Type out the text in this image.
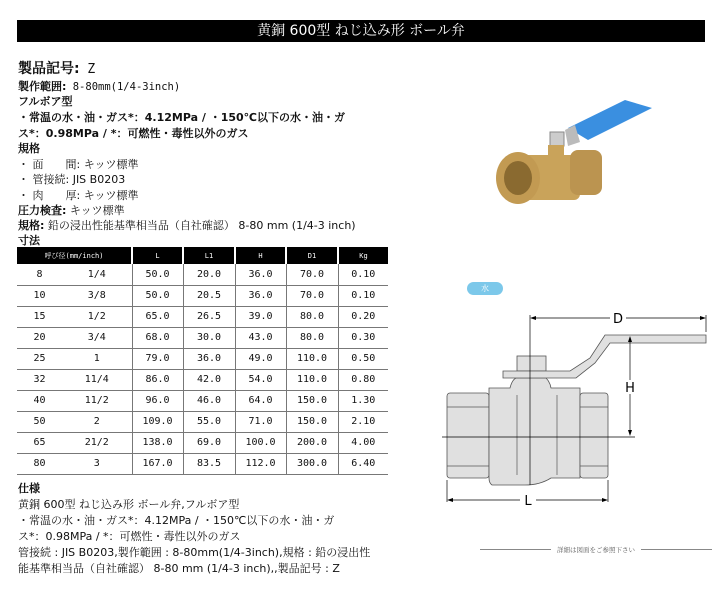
黄銅 600型 ねじ込み形 ボール弁
製品記号: Z
製作範囲: 8-80mm(1/4-3inch)
フルボア型
・常温の水・油・ガス*：4.12MPa / ・150℃以下の水・油・ガ
ス*：0.98MPa / *：可燃性・毒性以外のガス
規格
・ 面　　間: キッツ標準
・ 管接続: JIS B0203
・ 肉　　厚: キッツ標準
圧力検査: キッツ標準
規格: 鉛の浸出性能基準相当品（自社確認） 8-80 mm (1/4-3 inch)
寸法
呼び径(mm/inch)		L	L1	H	D1	Kg
8	1/4	50.0	20.0	36.0	70.0	0.10
10	3/8	50.0	20.5	36.0	70.0	0.10
15	1/2	65.0	26.5	39.0	80.0	0.20
20	3/4	68.0	30.0	43.0	80.0	0.30
25	1	79.0	36.0	49.0	110.0	0.50
32	11/4	86.0	42.0	54.0	110.0	0.80
40	11/2	96.0	46.0	64.0	150.0	1.30
50	2	109.0	55.0	71.0	150.0	2.10
65	21/2	138.0	69.0	100.0	200.0	4.00
80	3	167.0	83.5	112.0	300.0	6.40
仕様
黄銅 600型 ねじ込み形 ボール弁,フルボア型
・常温の水・油・ガス*：4.12MPa / ・150℃以下の水・油・ガ
ス*：0.98MPa / *：可燃性・毒性以外のガス
管接続 : JIS B0203,製作範囲 : 8-80mm(1/4-3inch),規格 : 鉛の浸出性
能基準相当品（自社確認） 8-80 mm (1/4-3 inch),,製品記号 : Z
水
D
H
L
詳細は図面をご参照下さい
